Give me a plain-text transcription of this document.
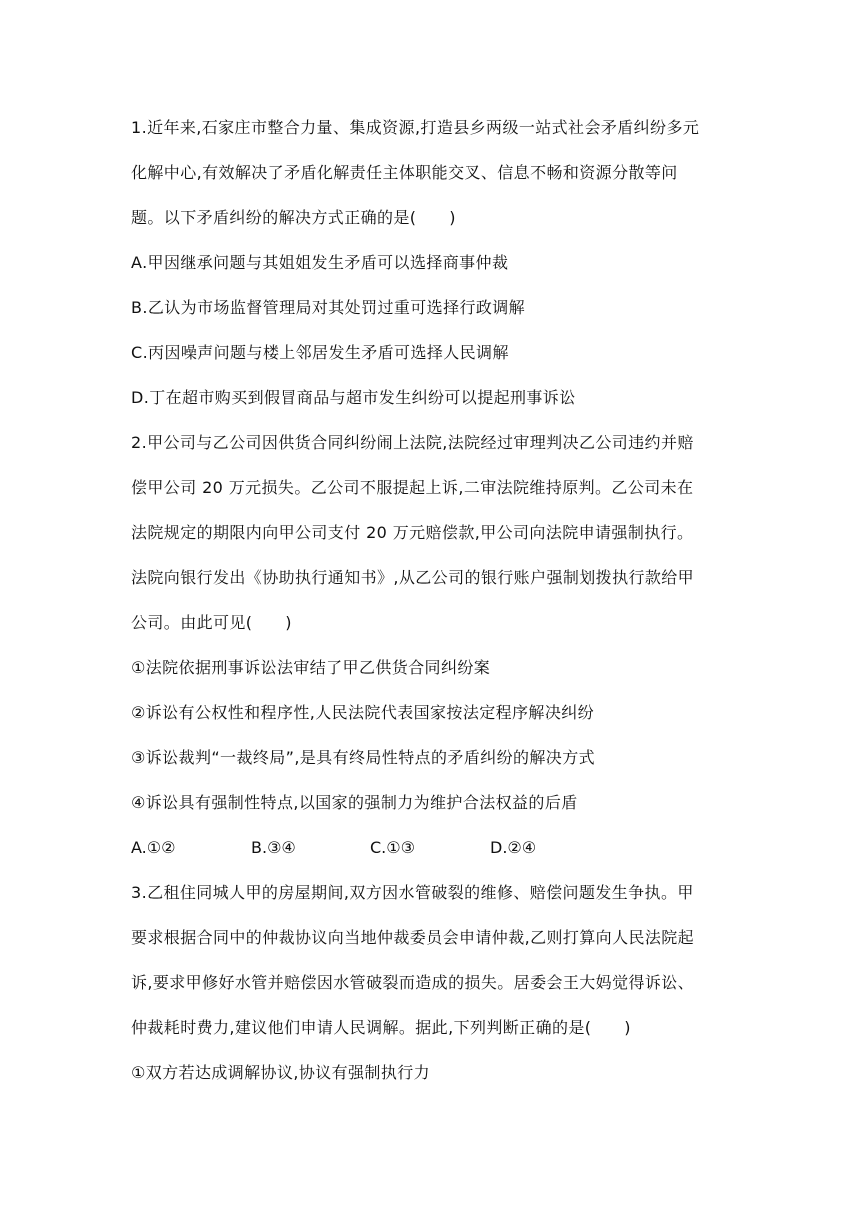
1.近年来,石家庄市整合力量、集成资源,打造县乡两级一站式社会矛盾纠纷多元
化解中心,有效解决了矛盾化解责任主体职能交叉、信息不畅和资源分散等问
题。以下矛盾纠纷的解决方式正确的是(　　)
A.甲因继承问题与其姐姐发生矛盾可以选择商事仲裁
B.乙认为市场监督管理局对其处罚过重可选择行政调解
C.丙因噪声问题与楼上邻居发生矛盾可选择人民调解
D.丁在超市购买到假冒商品与超市发生纠纷可以提起刑事诉讼
2.甲公司与乙公司因供货合同纠纷闹上法院,法院经过审理判决乙公司违约并赔
偿甲公司 20 万元损失。乙公司不服提起上诉,二审法院维持原判。乙公司未在
法院规定的期限内向甲公司支付 20 万元赔偿款,甲公司向法院申请强制执行。
法院向银行发出《协助执行通知书》,从乙公司的银行账户强制划拨执行款给甲
公司。由此可见(　　)
①法院依据刑事诉讼法审结了甲乙供货合同纠纷案
②诉讼有公权性和程序性,人民法院代表国家按法定程序解决纠纷
③诉讼裁判“一裁终局”,是具有终局性特点的矛盾纠纷的解决方式
④诉讼具有强制性特点,以国家的强制力为维护合法权益的后盾
A.①②	B.③④	C.①③	D.②④
3.乙租住同城人甲的房屋期间,双方因水管破裂的维修、赔偿问题发生争执。甲
要求根据合同中的仲裁协议向当地仲裁委员会申请仲裁,乙则打算向人民法院起
诉,要求甲修好水管并赔偿因水管破裂而造成的损失。居委会王大妈觉得诉讼、
仲裁耗时费力,建议他们申请人民调解。据此,下列判断正确的是(　　)
①双方若达成调解协议,协议有强制执行力
